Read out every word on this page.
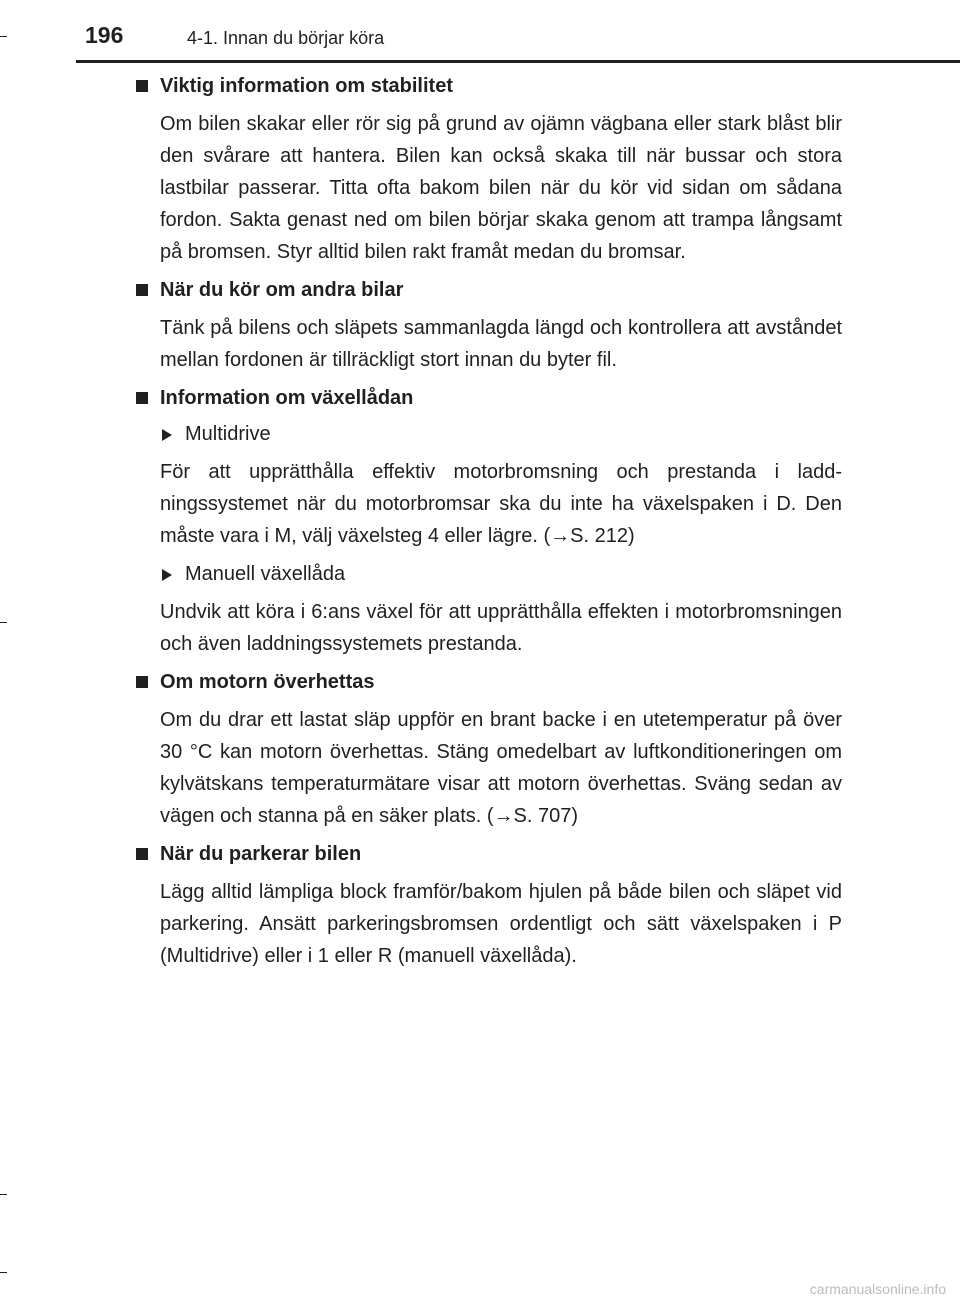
196	4-1. Innan du börjar köra
Viktig information om stabilitet

Om bilen skakar eller rör sig på grund av ojämn vägbana eller stark blåst blir den svårare att hantera. Bilen kan också skaka till när bussar och stora lastbilar passerar. Titta ofta bakom bilen när du kör vid sidan om sådana fordon. Sakta genast ned om bilen börjar skaka genom att trampa långsamt på bromsen. Styr alltid bilen rakt framåt medan du bromsar.

När du kör om andra bilar

Tänk på bilens och släpets sammanlagda längd och kontrollera att avståndet mellan fordonen är tillräckligt stort innan du byter fil.

Information om växellådan
Multidrive

För att upprätthålla effektiv motorbromsning och prestanda i laddningssystemet när du motorbromsar ska du inte ha växelspaken i D. Den måste vara i M, välj växelsteg 4 eller lägre. (→S. 212)

Manuell växellåda

Undvik att köra i 6:ans växel för att upprätthålla effekten i motorbromsningen och även laddningssystemets prestanda.

Om motorn överhettas

Om du drar ett lastat släp uppför en brant backe i en utetemperatur på över 30 °C kan motorn överhettas. Stäng omedelbart av luftkonditioneringen om kylvätskans temperaturmätare visar att motorn överhettas. Sväng sedan av vägen och stanna på en säker plats. (→S. 707)

När du parkerar bilen

Lägg alltid lämpliga block framför/bakom hjulen på både bilen och släpet vid parkering. Ansätt parkeringsbromsen ordentligt och sätt växelspaken i P (Multidrive) eller i 1 eller R (manuell växellåda).

carmanualsonline.info
